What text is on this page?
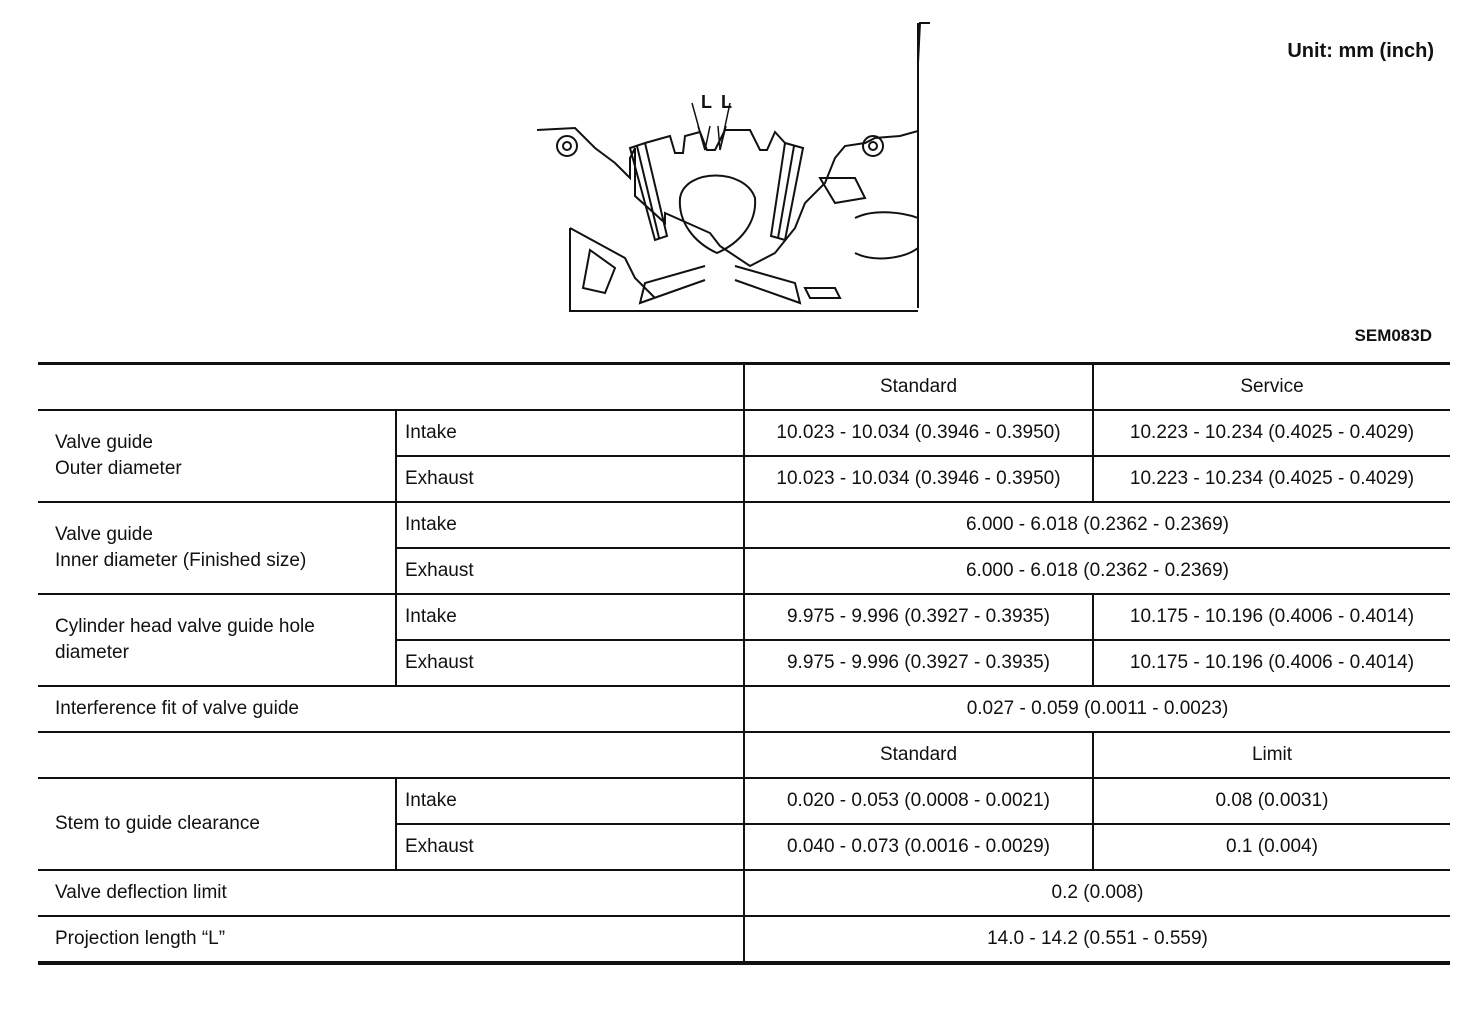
Unit: mm (inch)
L L
SEM083D
		Standard	Service

Valve guide
Outer diameter	Intake	10.023 - 10.034 (0.3946 - 0.3950)	10.223 - 10.234 (0.4025 - 0.4029)
	Exhaust	10.023 - 10.034 (0.3946 - 0.3950)	10.223 - 10.234 (0.4025 - 0.4029)

Valve guide
Inner diameter (Finished size)	Intake	6.000 - 6.018 (0.2362 - 0.2369)	
	Exhaust	6.000 - 6.018 (0.2362 - 0.2369)	

Cylinder head valve guide hole
diameter	Intake	9.975 - 9.996 (0.3927 - 0.3935)	10.175 - 10.196 (0.4006 - 0.4014)
	Exhaust	9.975 - 9.996 (0.3927 - 0.3935)	10.175 - 10.196 (0.4006 - 0.4014)
Interference fit of valve guide		0.027 - 0.059 (0.0011 - 0.0023)	
		Standard	Limit
Stem to guide clearance	Intake	0.020 - 0.053 (0.0008 - 0.0021)	0.08 (0.0031)
	Exhaust	0.040 - 0.073 (0.0016 - 0.0029)	0.1 (0.004)
Valve deflection limit		0.2 (0.008)	
Projection length “L”		14.0 - 14.2 (0.551 - 0.559)	
